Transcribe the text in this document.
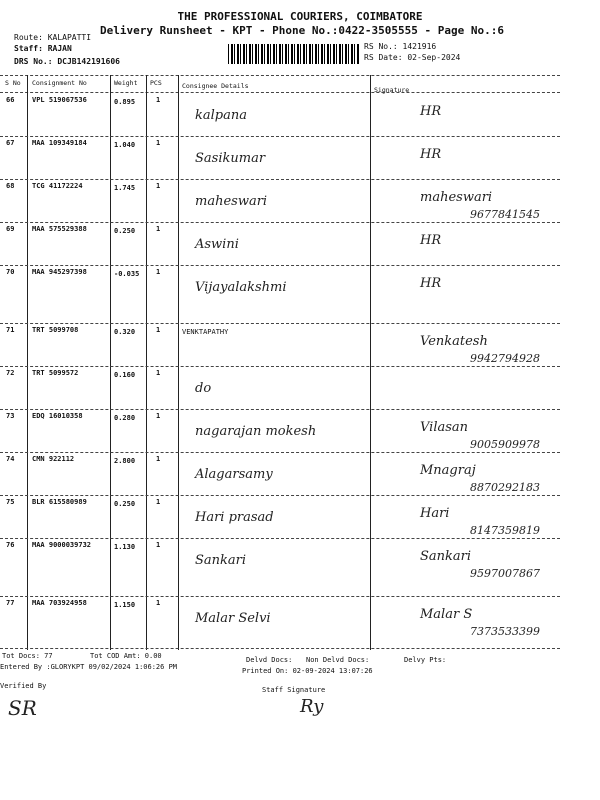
THE PROFESSIONAL COURIERS, COIMBATORE
Delivery Runsheet - KPT - Phone No.:0422-3505555 - Page No.:6
Route: KALAPATTI
Staff: RAJAN
DRS No.: DCJB142191606
RS No.: 1421916
RS Date: 02-Sep-2024
S No Consignment No	Weight PCS	Consignee Details	Signature
66	VPL 519067536	0.895	1
kalpana	HR
67	MAA 109349184	1.040	1
Sasikumar	HR
68	TCG 41172224	1.745	1
maheswari	maheswari
9677841545
69	MAA 575529388	0.250	1
Aswini	HR
70	MAA 945297398	-0.035 1
Vijayalakshmi	HR
71	TRT 5099708	0.320	1	VENKTAPATHY
Venkatesh
9942794928
72	TRT 5099572	0.160	1
do
73	EDQ 16010358	0.280	1
nagarajan mokesh	Vilasan
9005909978
74	CMN 922112	2.800	1
Alagarsamy	Mnagraj
8870292183
75	BLR 615580989	0.250	1
Hari prasad	Hari
8147359819
76	MAA 9000039732	1.130	1
Sankari	Sankari
9597007867
77	MAA 703924958	1.150	1
Malar Selvi	Malar S
7373533399
Tot Docs: 77	Tot COD Amt: 0.00	Delvd Docs: Non Delvd Docs:	Delvy Pts:
Entered By :GLORYKPT 09/02/2024 1:06:26 PM	Printed On: 02-09-2024 13:07:26
Verified By	Staff Signature
SR	Ry
